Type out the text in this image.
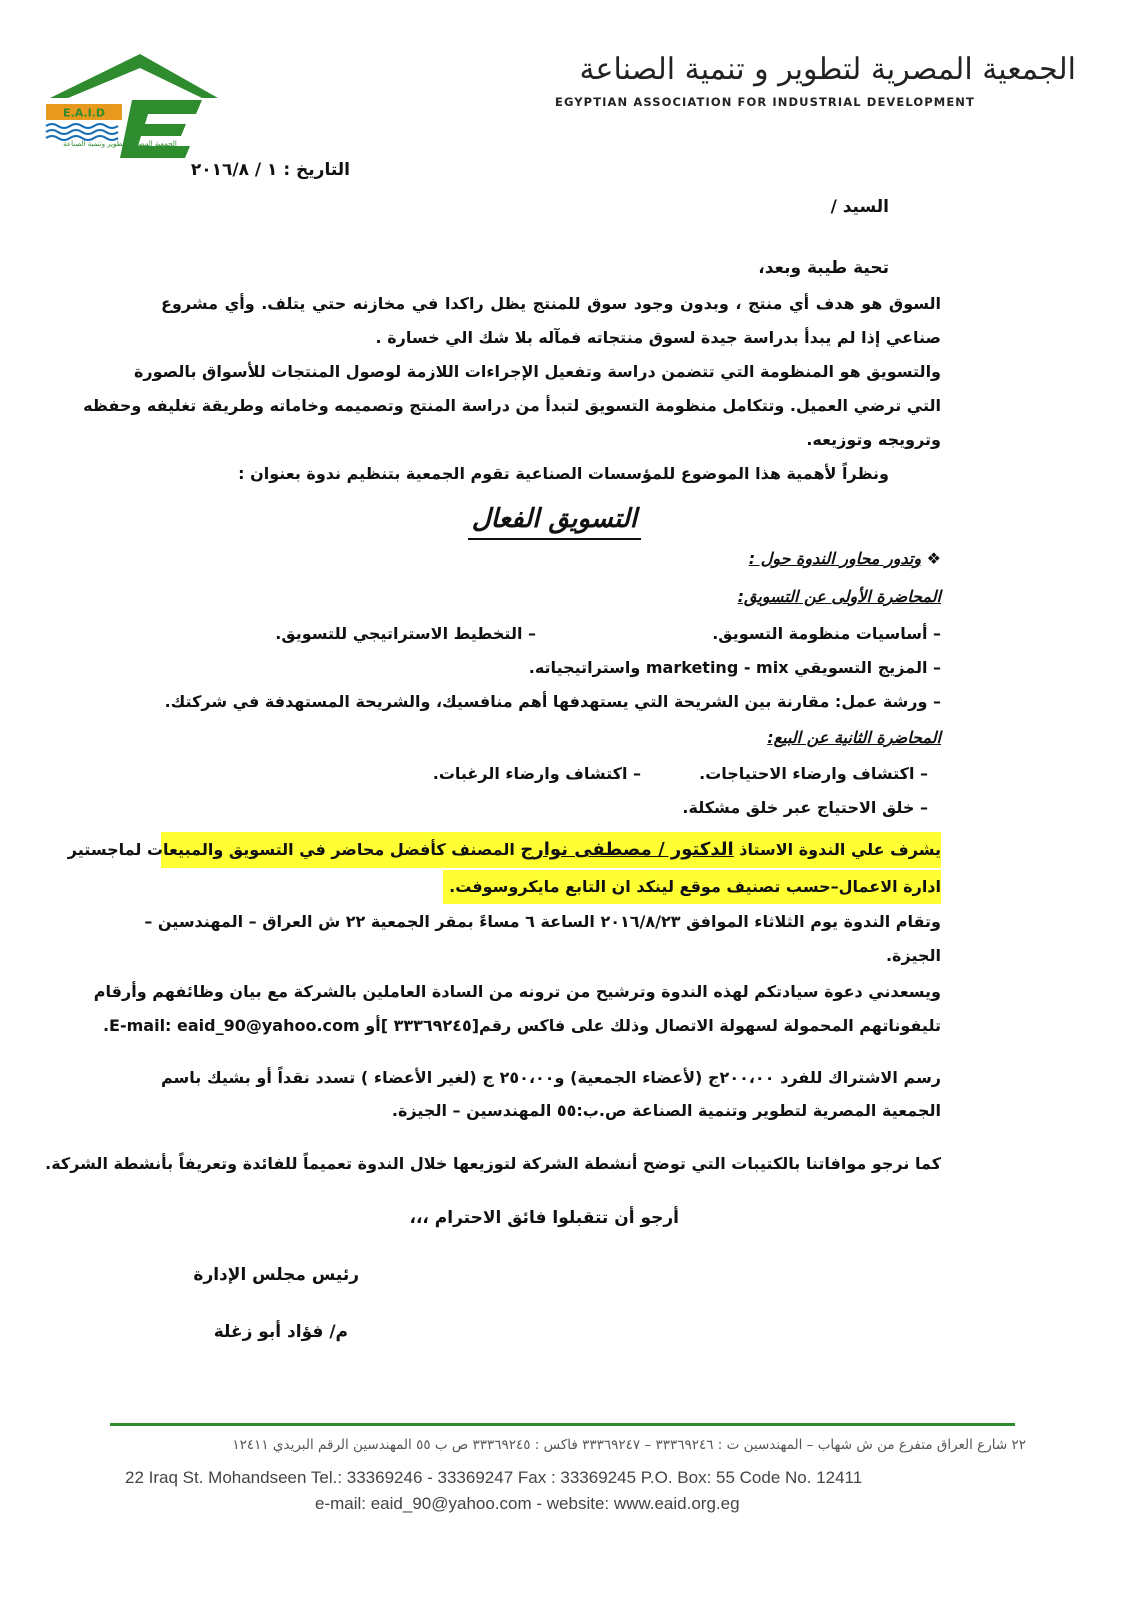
E.A.I.D
الجمعية المصرية لتطوير وتنمية الصناعة
الجمعية المصرية لتطوير و تنمية الصناعة
EGYPTIAN ASSOCIATION FOR INDUSTRIAL DEVELOPMENT
التاريخ : ١ / ٢٠١٦/٨
السيد /
تحية طيبة وبعد،
السوق هو هدف أي منتج ، وبدون وجود سوق للمنتج يظل راكدا في مخازنه حتي يتلف. وأي مشروع
صناعي إذا لم يبدأ بدراسة جيدة لسوق منتجاته فمآله بلا شك الي خسارة .
والتسويق هو المنظومة التي تتضمن دراسة وتفعيل الإجراءات اللازمة لوصول المنتجات للأسواق بالصورة
التي ترضي العميل. وتتكامل منظومة التسويق لتبدأ من دراسة المنتج وتصميمه وخاماته وطريقة تغليفه وحفظه
وترويجه وتوزيعه.
ونظراً لأهمية هذا الموضوع للمؤسسات الصناعية تقوم الجمعية بتنظيم ندوة بعنوان :
التسويق الفعال
❖ وتدور محاور الندوة حول :
المحاضرة الأولى عن التسويق:
– أساسيات منظومة التسويق.
– التخطيط الاستراتيجي للتسويق.
– المزيج التسويقي marketing - mix واستراتيجياته.
– ورشة عمل: مقارنة بين الشريحة التي يستهدفها أهم منافسيك، والشريحة المستهدفة في شركتك.
المحاضرة الثانية عن البيع:
– اكتشاف وارضاء الاحتياجات.
– اكتشاف وارضاء الرغبات.
– خلق الاحتياج عبر خلق مشكلة.
يشرف علي الندوة الاستاذ الدكتور / مصطفى نوارج المصنف كأفضل محاضر في التسويق والمبيعات لماجستير
ادارة الاعمال–حسب تصنيف موقع لينكد ان التابع مايكروسوفت.
وتقام الندوة يوم الثلاثاء الموافق ٢٠١٦/٨/٢٣ الساعة ٦ مساءً بمقر الجمعية ٢٢ ش العراق – المهندسين –
الجيزة.
ويسعدني دعوة سيادتكم لهذه الندوة وترشيح من ترونه من السادة العاملين بالشركة مع بيان وظائفهم وأرقام
تليفوناتهم المحمولة لسهولة الاتصال وذلك على فاكس رقم[٣٣٣٦٩٢٤٥ ]أو E-mail: eaid_90@yahoo.com.
رسم الاشتراك للفرد ٢٠٠،٠٠ج (لأعضاء الجمعية) و٢٥٠،٠٠ ج (لغير الأعضاء ) تسدد نقداً أو بشيك باسم
الجمعية المصرية لتطوير وتنمية الصناعة ص.ب:٥٥ المهندسين – الجيزة.
كما نرجو موافاتنا بالكتيبات التي توضح أنشطة الشركة لتوزيعها خلال الندوة تعميماً للفائدة وتعريفاً بأنشطة الشركة.
أرجو أن تتقبلوا فائق الاحترام ،،،
رئيس مجلس الإدارة
م/ فؤاد أبو زغلة
٢٢ شارع العراق متفرع من ش شهاب – المهندسين ت : ٣٣٣٦٩٢٤٦ – ٣٣٣٦٩٢٤٧ فاكس : ٣٣٣٦٩٢٤٥ ص ب ٥٥ المهندسين الرقم البريدي ١٢٤١١
22 Iraq St. Mohandseen Tel.: 33369246 - 33369247 Fax : 33369245 P.O. Box: 55 Code No. 12411
e-mail: eaid_90@yahoo.com - website: www.eaid.org.eg
